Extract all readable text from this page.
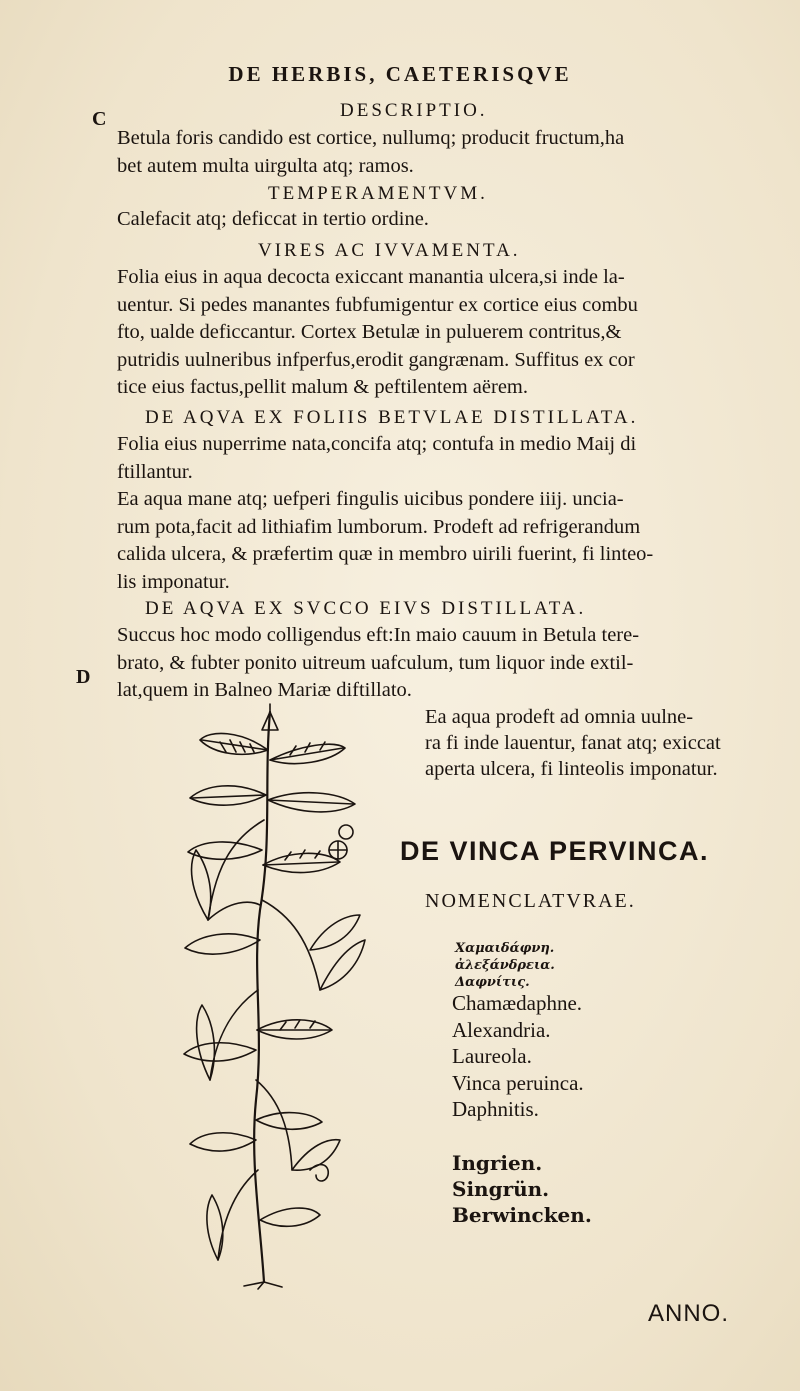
C
D
DE HERBIS, CAETERISQVE
DESCRIPTIO.
Betula foris candido est cortice, nullumq; producit fructum,ha
bet autem multa uirgulta atq; ramos.
TEMPERAMENTVM.
Calefacit atq; deficcat in tertio ordine.
VIRES AC IVVAMENTA.
Folia eius in aqua decocta exiccant manantia ulcera,si inde la-
uentur. Si pedes manantes fubfumigentur ex cortice eius combu
fto, ualde deficcantur. Cortex Betulæ in puluerem contritus,&
putridis uulneribus infperfus,erodit gangrænam. Suffitus ex cor
tice eius factus,pellit malum & peftilentem aërem.
DE AQVA EX FOLIIS BETVLAE DISTILLATA.
Folia eius nuperrime nata,concifa atq; contufa in medio Maij di
ftillantur.
Ea aqua mane atq; uefperi fingulis uicibus pondere iiij. uncia-
rum pota,facit ad lithiafim lumborum. Prodeft ad refrigerandum
calida ulcera, & præfertim quæ in membro uirili fuerint, fi linteo-
lis imponatur.
DE AQVA EX SVCCO EIVS DISTILLATA.
Succus hoc modo colligendus eft:In maio cauum in Betula tere-
brato, & fubter ponito uitreum uafculum, tum liquor inde extil-
lat,quem in Balneo Mariæ diftillato.
Ea aqua prodeft ad omnia uulne-
ra fi inde lauentur, fanat atq; exiccat
aperta ulcera, fi linteolis imponatur.
DE VINCA PERVINCA.
NOMENCLATVRAE.
Χαμαιδάφνη.
ἀλεξάνδρεια.
Δαφνίτις.
Chamædaphne.
Alexandria.
Laureola.
Vinca peruinca.
Daphnitis.
Ingrien.
Singrün.
Berwincken.
ANNO.
